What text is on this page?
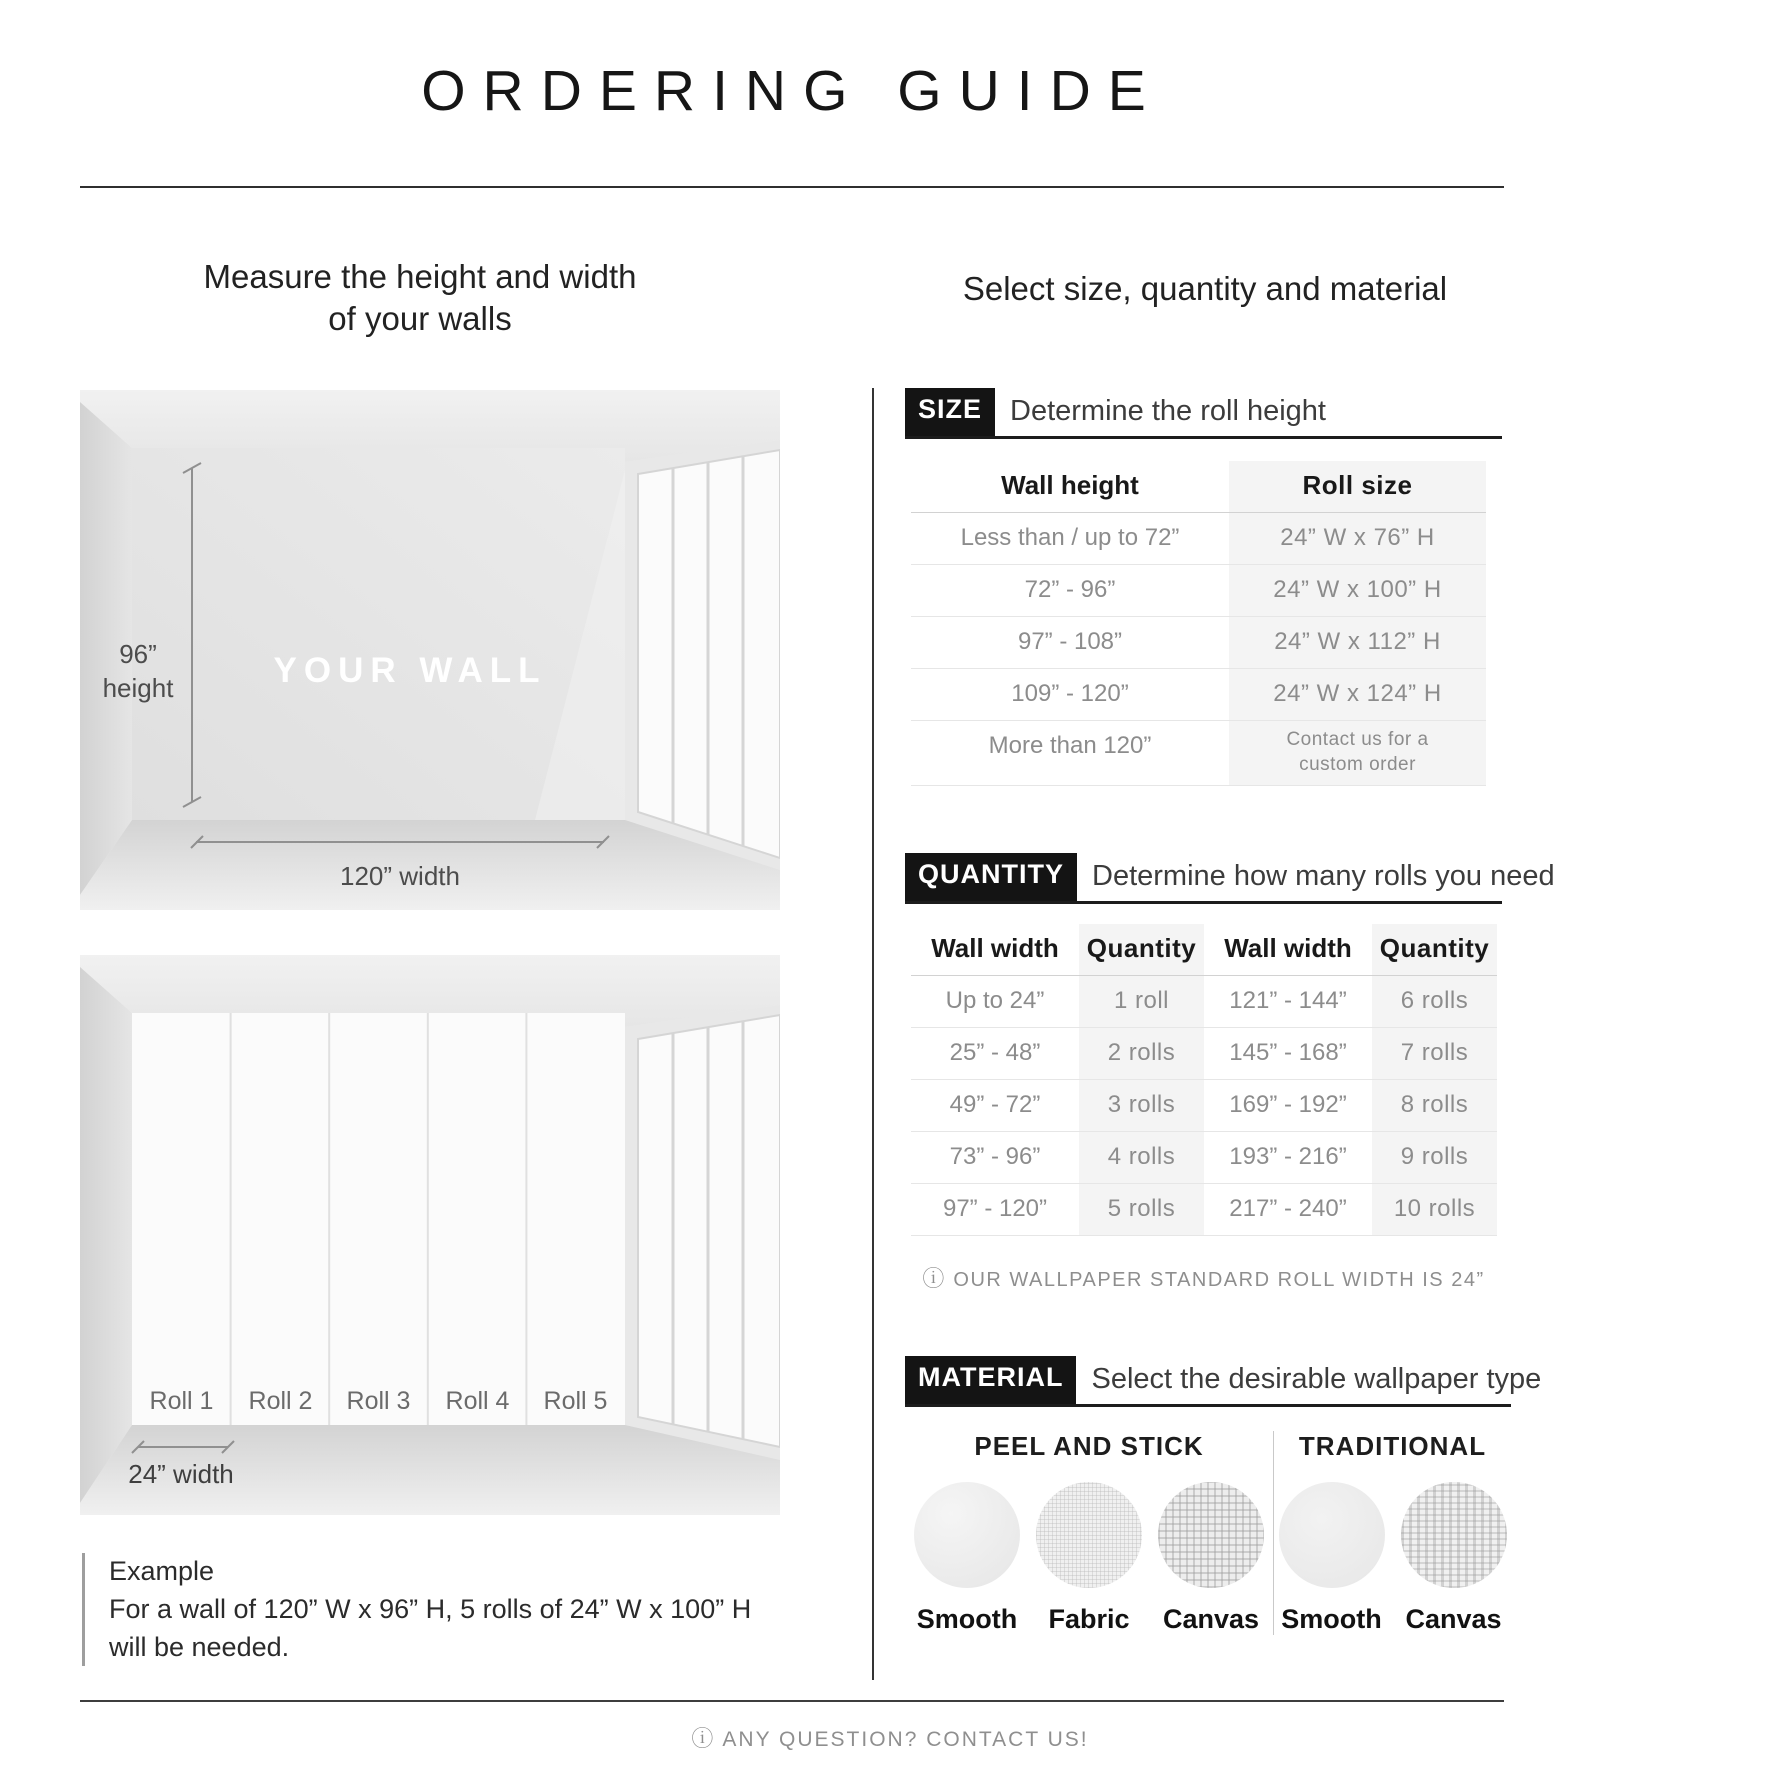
ORDERING GUIDE
Measure the height and width
of your walls
Select size, quantity and material
96”
height	YOUR WALL
120” width
Roll 1	Roll 2	Roll 3	Roll 4	Roll 5
24” width
Example
For a wall of 120” W x 96” H, 5 rolls of 24” W x 100” H
will be needed.
SIZE Determine the roll height
Wall height	Roll size
Less than / up to 72”	24” W x 76” H
72” - 96”	24” W x 100” H
97” - 108”	24” W x 112” H
109” - 120”	24” W x 124” H
More than 120”	Contact us for a custom order
QUANTITY Determine how many rolls you need
Wall width	Quantity	Wall width	Quantity
Up to 24”	1 roll	121” - 144”	6 rolls
25” - 48”	2 rolls	145” - 168”	7 rolls
49” - 72”	3 rolls	169” - 192”	8 rolls
73” - 96”	4 rolls	193” - 216”	9 rolls
97” - 120”	5 rolls	217” - 240”	10 rolls
ⓘ OUR WALLPAPER STANDARD ROLL WIDTH IS 24”
MATERIAL Select the desirable wallpaper type
PEEL AND STICK
Smooth	Fabric	Canvas
TRADITIONAL
Smooth Canvas
ⓘ ANY QUESTION? CONTACT US!
